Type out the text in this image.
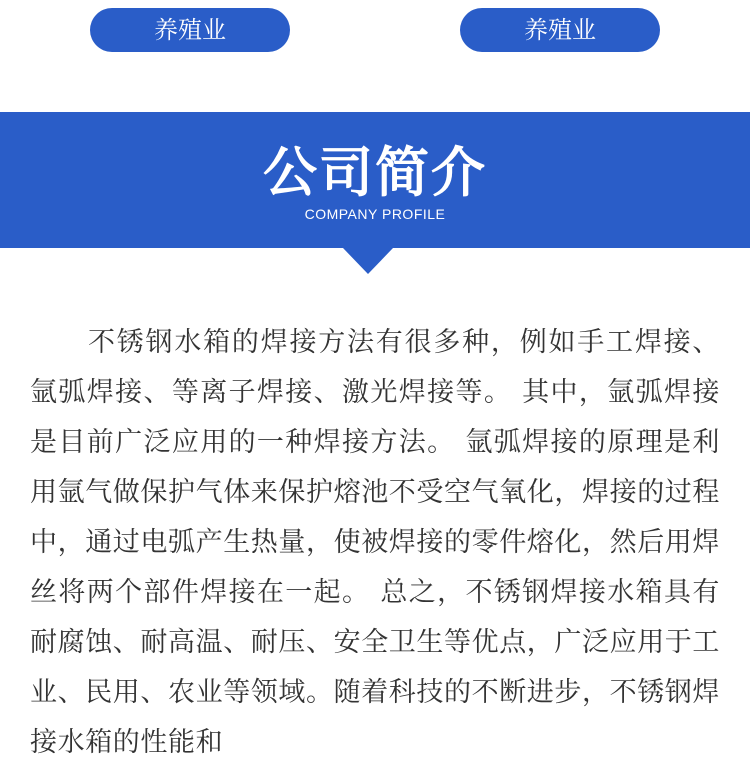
养殖业	养殖业
公司简介
COMPANY PROFILE
不锈钢水箱的焊接方法有很多种，例如手工焊接、氩弧焊接、等离子焊接、激光焊接等。 其中，氩弧焊接是目前广泛应用的一种焊接方法。 氩弧焊接的原理是利用氩气做保护气体来保护熔池不受空气氧化，焊接的过程中，通过电弧产生热量，使被焊接的零件熔化，然后用焊丝将两个部件焊接在一起。 总之，不锈钢焊接水箱具有耐腐蚀、耐高温、耐压、安全卫生等优点，广泛应用于工业、民用、农业等领域。随着科技的不断进步，不锈钢焊接水箱的性能和
